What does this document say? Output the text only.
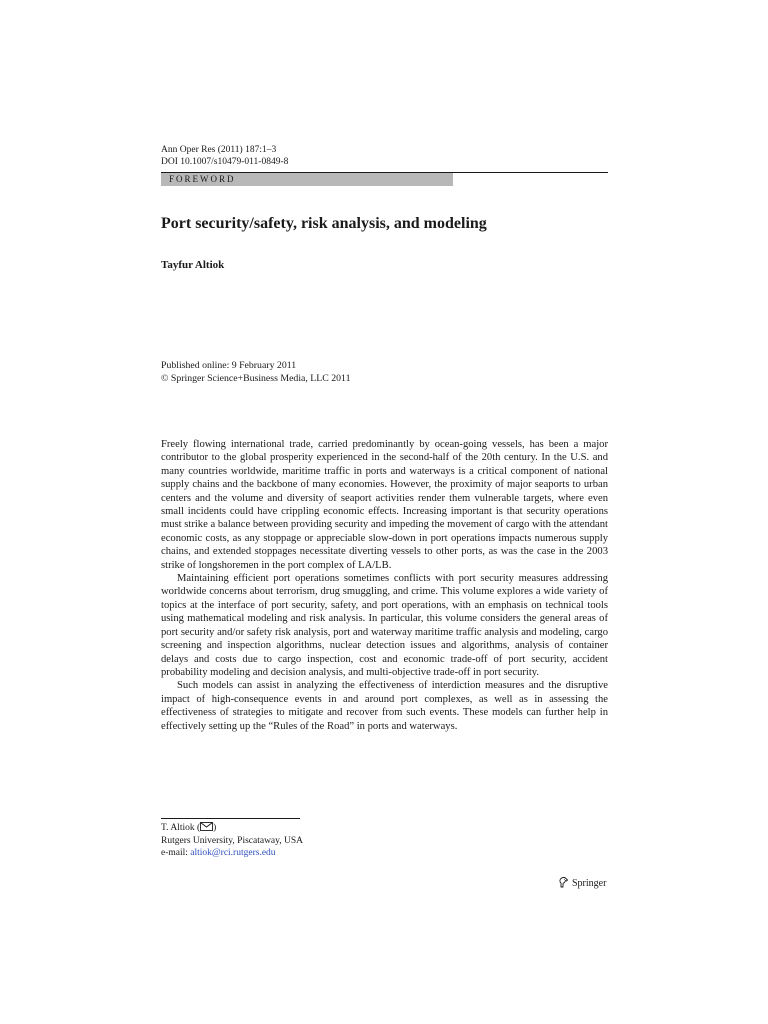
Ann Oper Res (2011) 187:1–3
DOI 10.1007/s10479-011-0849-8
FOREWORD
Port security/safety, risk analysis, and modeling
Tayfur Altiok
Published online: 9 February 2011
© Springer Science+Business Media, LLC 2011

Freely flowing international trade, carried predominantly by ocean-going vessels, has been a major contributor to the global prosperity experienced in the second-half of the 20th century. In the U.S. and many countries worldwide, maritime traffic in ports and waterways is a critical component of national supply chains and the backbone of many economies. However, the proximity of major seaports to urban centers and the volume and diversity of seaport activities render them vulnerable targets, where even small incidents could have crippling economic effects. Increasing important is that security operations must strike a balance between providing security and impeding the movement of cargo with the attendant economic costs, as any stoppage or appreciable slow-down in port operations impacts numerous supply chains, and extended stoppages necessitate diverting vessels to other ports, as was the case in the 2003 strike of longshoremen in the port complex of LA/LB.

Maintaining efficient port operations sometimes conflicts with port security measures addressing worldwide concerns about terrorism, drug smuggling, and crime. This volume explores a wide variety of topics at the interface of port security, safety, and port operations, with an emphasis on technical tools using mathematical modeling and risk analysis. In particular, this volume considers the general areas of port security and/or safety risk analysis, port and waterway maritime traffic analysis and modeling, cargo screening and inspection algorithms, nuclear detection issues and algorithms, analysis of container delays and costs due to cargo inspection, cost and economic trade-off of port security, accident probability modeling and decision analysis, and multi-objective trade-off in port security.

Such models can assist in analyzing the effectiveness of interdiction measures and the disruptive impact of high-consequence events in and around port complexes, as well as in assessing the effectiveness of strategies to mitigate and recover from such events. These models can further help in effectively setting up the “Rules of the Road” in ports and waterways.

T. Altiok ( )
Rutgers University, Piscataway, USA
e-mail: altiok@rci.rutgers.edu
Springer
